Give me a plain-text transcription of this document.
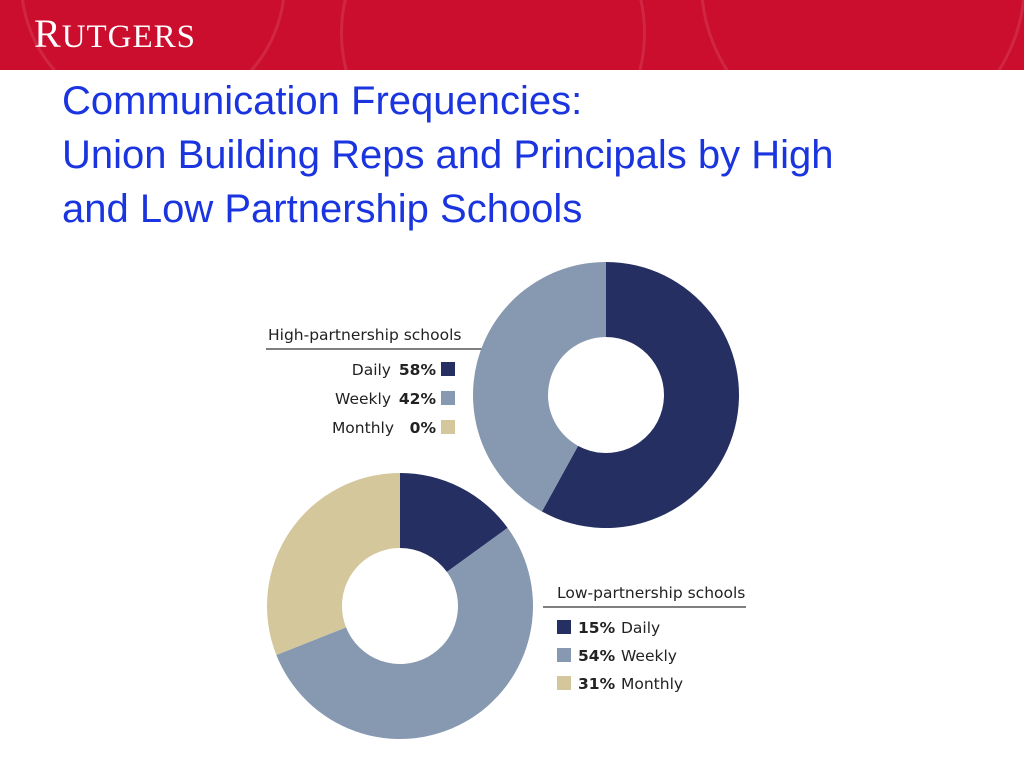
RUTGERS
Communication Frequencies:
Union Building Reps and Principals by High
and Low Partnership Schools
High-partnership schools
Daily 58%
Weekly 42%
Monthly 0%
Low-partnership schools
15% Daily
54% Weekly
31% Monthly
